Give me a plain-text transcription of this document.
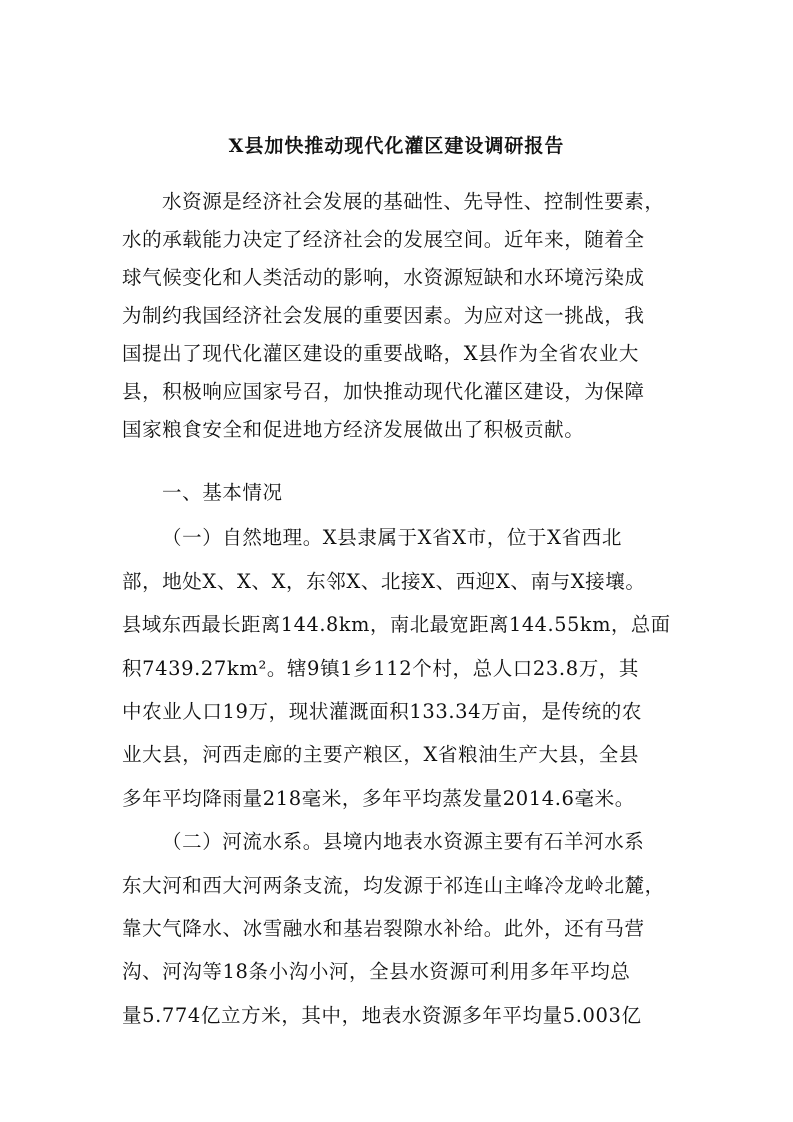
X县加快推动现代化灌区建设调研报告
水资源是经济社会发展的基础性、先导性、控制性要素，
水的承载能力决定了经济社会的发展空间。近年来，随着全
球气候变化和人类活动的影响，水资源短缺和水环境污染成
为制约我国经济社会发展的重要因素。为应对这一挑战，我
国提出了现代化灌区建设的重要战略，X县作为全省农业大
县，积极响应国家号召，加快推动现代化灌区建设，为保障
国家粮食安全和促进地方经济发展做出了积极贡献。
一、基本情况
（一）自然地理。X县隶属于X省X市，位于X省西北
部，地处X、X、X，东邻X、北接X、西迎X、南与X接壤。
县域东西最长距离144.8km，南北最宽距离144.55km，总面
积7439.27km²。辖9镇1乡112个村，总人口23.8万，其
中农业人口19万，现状灌溉面积133.34万亩，是传统的农
业大县，河西走廊的主要产粮区，X省粮油生产大县，全县
多年平均降雨量218毫米，多年平均蒸发量2014.6毫米。
（二）河流水系。县境内地表水资源主要有石羊河水系
东大河和西大河两条支流，均发源于祁连山主峰冷龙岭北麓，
靠大气降水、冰雪融水和基岩裂隙水补给。此外，还有马营
沟、河沟等18条小沟小河，全县水资源可利用多年平均总
量5.774亿立方米，其中，地表水资源多年平均量5.003亿
